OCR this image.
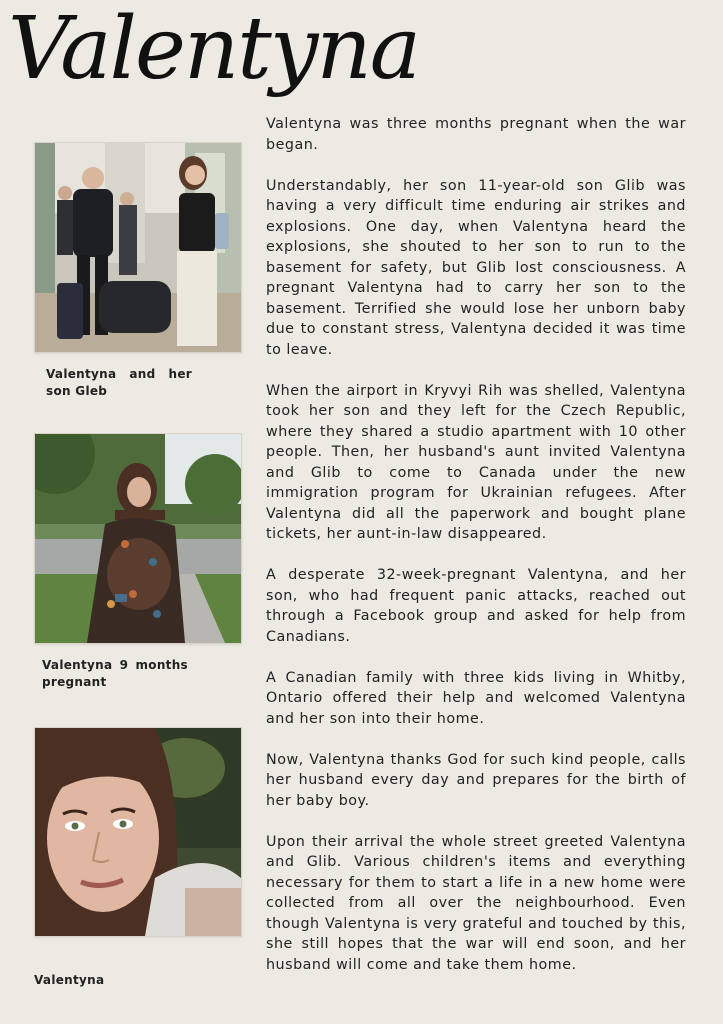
Valentyna
Valentyna and her son Gleb
Valentyna 9 months pregnant
Valentyna

Valentyna was three months pregnant when the war began.

Understandably, her son 11-year-old son Glib was having a very difficult time enduring air strikes and explosions. One day, when Valentyna heard the explosions, she shouted to her son to run to the basement for safety, but Glib lost consciousness. A pregnant Valentyna had to carry her son to the basement. Terrified she would lose her unborn baby due to constant stress, Valentyna decided it was time to leave.

When the airport in Kryvyi Rih was shelled, Valentyna took her son and they left for the Czech Republic, where they shared a studio apartment with 10 other people. Then, her husband's aunt invited Valentyna and Glib to come to Canada under the new immigration program for Ukrainian refugees. After Valentyna did all the paperwork and bought plane tickets, her aunt-in-law disappeared.

A desperate 32-week-pregnant Valentyna, and her son, who had frequent panic attacks, reached out through a Facebook group and asked for help from Canadians.

A Canadian family with three kids living in Whitby, Ontario offered their help and welcomed Valentyna and her son into their home.

Now, Valentyna thanks God for such kind people, calls her husband every day and prepares for the birth of her baby boy.

Upon their arrival the whole street greeted Valentyna and Glib. Various children's items and everything necessary for them to start a life in a new home were collected from all over the neighbourhood. Even though Valentyna is very grateful and touched by this, she still hopes that the war will end soon, and her husband will come and take them home.
